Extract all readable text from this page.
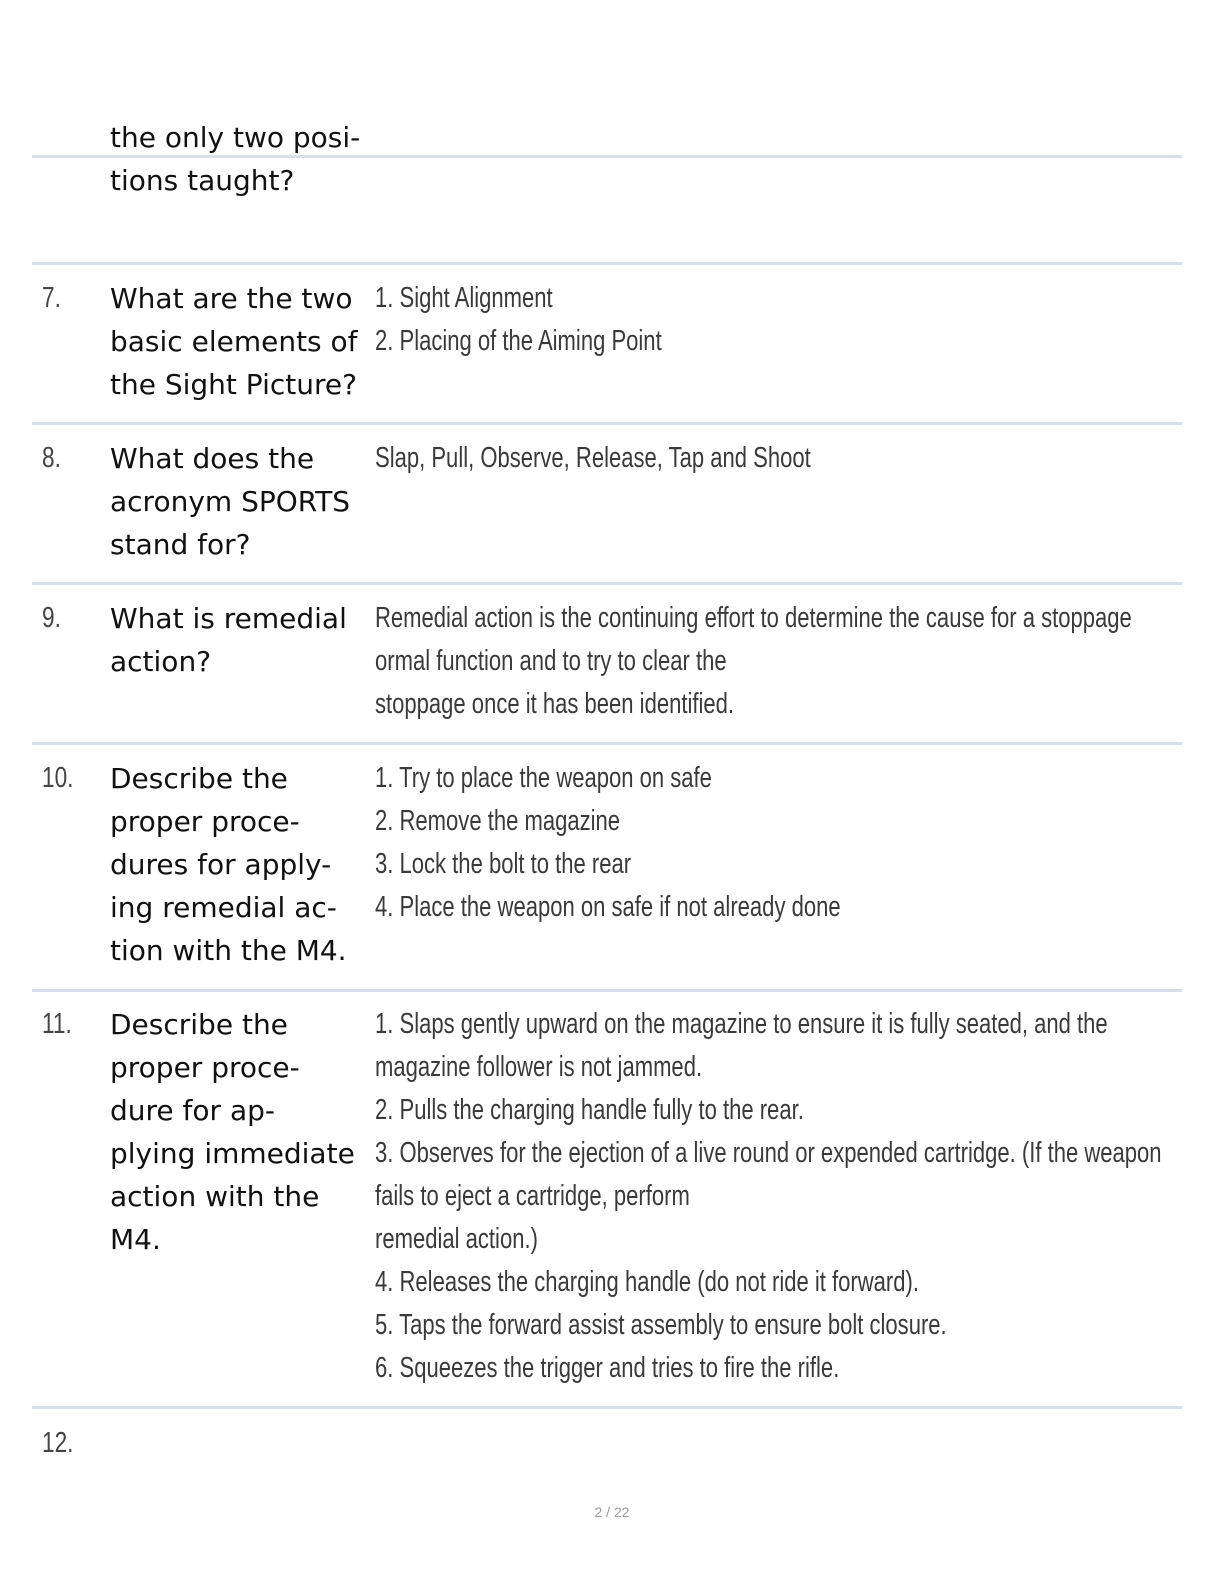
the only two posi-
tions taught?
7. What are the two
basic elements of
the Sight Picture?
1. Sight Alignment
2. Placing of the Aiming Point
8. What does the
acronym SPORTS
stand for?
Slap, Pull, Observe, Release, Tap and Shoot
9. What is remedial
action?
Remedial action is the continuing effort to determine the cause for a stoppage
ormal function and to try to clear the
stoppage once it has been identified.
10. Describe the
proper proce-
dures for apply-
ing remedial ac-
tion with the M4.
1. Try to place the weapon on safe
2. Remove the magazine
3. Lock the bolt to the rear
4. Place the weapon on safe if not already done
11. Describe the
proper proce-
dure for ap-
plying immediate
action with the
M4.
1. Slaps gently upward on the magazine to ensure it is fully seated, and the
magazine follower is not jammed.
2. Pulls the charging handle fully to the rear.
3. Observes for the ejection of a live round or expended cartridge. (If the weapon
fails to eject a cartridge, perform
remedial action.)
4. Releases the charging handle (do not ride it forward).
5. Taps the forward assist assembly to ensure bolt closure.
6. Squeezes the trigger and tries to fire the rifle.
12.
2 / 22
